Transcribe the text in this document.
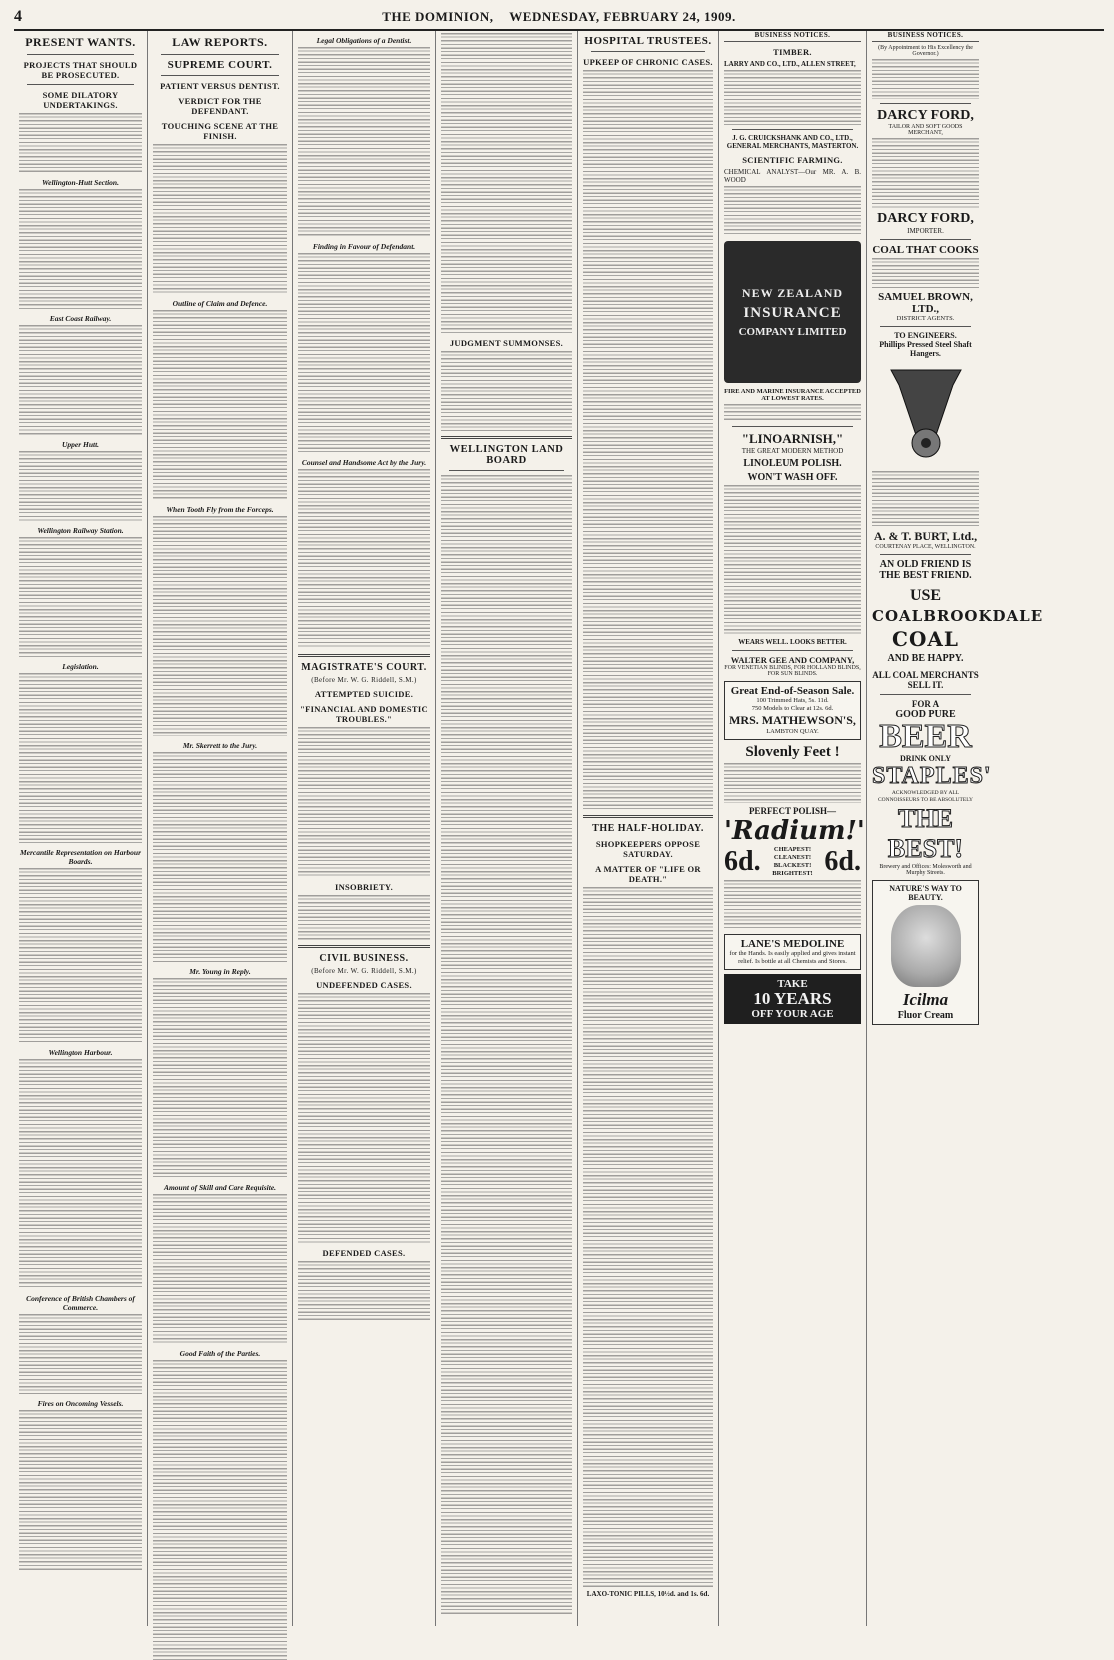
4	THE DOMINION, WEDNESDAY, FEBRUARY 24, 1909.
PRESENT WANTS.
PROJECTS THAT SHOULD BE PROSECUTED.
SOME DILATORY UNDERTAKINGS.
Wellington-Hutt Section.
East Coast Railway.
Upper Hutt.
Wellington Railway Station.
Legislation.
Mercantile Representation on Harbour Boards.
Wellington Harbour.
Conference of British Chambers of Commerce.
Fires on Oncoming Vessels.
LAW REPORTS.
SUPREME COURT.
PATIENT VERSUS DENTIST.
VERDICT FOR THE DEFENDANT.
TOUCHING SCENE AT THE FINISH.
Outline of Claim and Defence.
When Tooth Fly from the Forceps.
Mr. Skerrett to the Jury.
Mr. Young in Reply.
Amount of Skill and Care Requisite.
Good Faith of the Parties.
Legal Obligations of a Dentist.
Finding in Favour of Defendant.
Counsel and Handsome Act by the Jury.
MAGISTRATE'S COURT.
(Before Mr. W. G. Riddell, S.M.)
ATTEMPTED SUICIDE.
"FINANCIAL AND DOMESTIC TROUBLES."
INSOBRIETY.
CIVIL BUSINESS.
(Before Mr. W. G. Riddell, S.M.)
UNDEFENDED CASES.
DEFENDED CASES.
JUDGMENT SUMMONSES.
WELLINGTON LAND BOARD
HOSPITAL TRUSTEES.
UPKEEP OF CHRONIC CASES.
THE HALF-HOLIDAY.
SHOPKEEPERS OPPOSE SATURDAY.
A MATTER OF "LIFE OR DEATH."
LAXO-TONIC PILLS, 10½d. and 1s. 6d.
BUSINESS NOTICES.
TIMBER.
LARRY AND CO., LTD., ALLEN STREET,
J. G. CRUICKSHANK AND CO., LTD., GENERAL MERCHANTS, MASTERTON.
SCIENTIFIC FARMING.
CHEMICAL ANALYST—Our MR. A. B. WOOD
NEW ZEALAND
INSURANCE
COMPANY LIMITED
FIRE AND MARINE INSURANCE ACCEPTED AT LOWEST RATES.
"LINOARNISH,"
THE GREAT MODERN METHOD
LINOLEUM POLISH.
WON'T WASH OFF.
WEARS WELL. LOOKS BETTER.
WALTER GEE AND COMPANY,
FOR VENETIAN BLINDS, FOR HOLLAND BLINDS, FOR SUN BLINDS.
Great End-of-Season Sale.
100 Trimmed Hats, 5s. 11d.
750 Models to Clear at 12s. 6d.
MRS. MATHEWSON'S,
LAMBTON QUAY.
Slovenly Feet !
PERFECT POLISH—
'Radium!'
6d. CHEAPEST!
CLEANEST!
BLACKEST!
BRIGHTEST! 6d.
LANE'S MEDOLINE
for the Hands. Is easily applied and gives instant relief. Is bottle at all Chemists and Stores.
TAKE
10 YEARS
OFF YOUR AGE
BUSINESS NOTICES.
(By Appointment to His Excellency the Governor.)
DARCY FORD,
TAILOR AND SOFT GOODS MERCHANT,
DARCY FORD,
IMPORTER.
COAL THAT COOKS
SAMUEL BROWN, LTD.,
DISTRICT AGENTS.
TO ENGINEERS.
Phillips Pressed Steel Shaft Hangers.
A. & T. BURT, Ltd.,
COURTENAY PLACE, WELLINGTON.
AN OLD FRIEND IS THE BEST FRIEND.
USE
COALBROOKDALE
COAL
AND BE HAPPY.
ALL COAL MERCHANTS SELL IT.
FOR A
GOOD PURE
BEER
DRINK ONLY
STAPLES'
ACKNOWLEDGED BY ALL CONNOISSEURS TO BE ABSOLUTELY
THE BEST!
Brewery and Offices: Molesworth and Murphy Streets.
NATURE'S WAY TO BEAUTY.
Icilma
Fluor Cream
